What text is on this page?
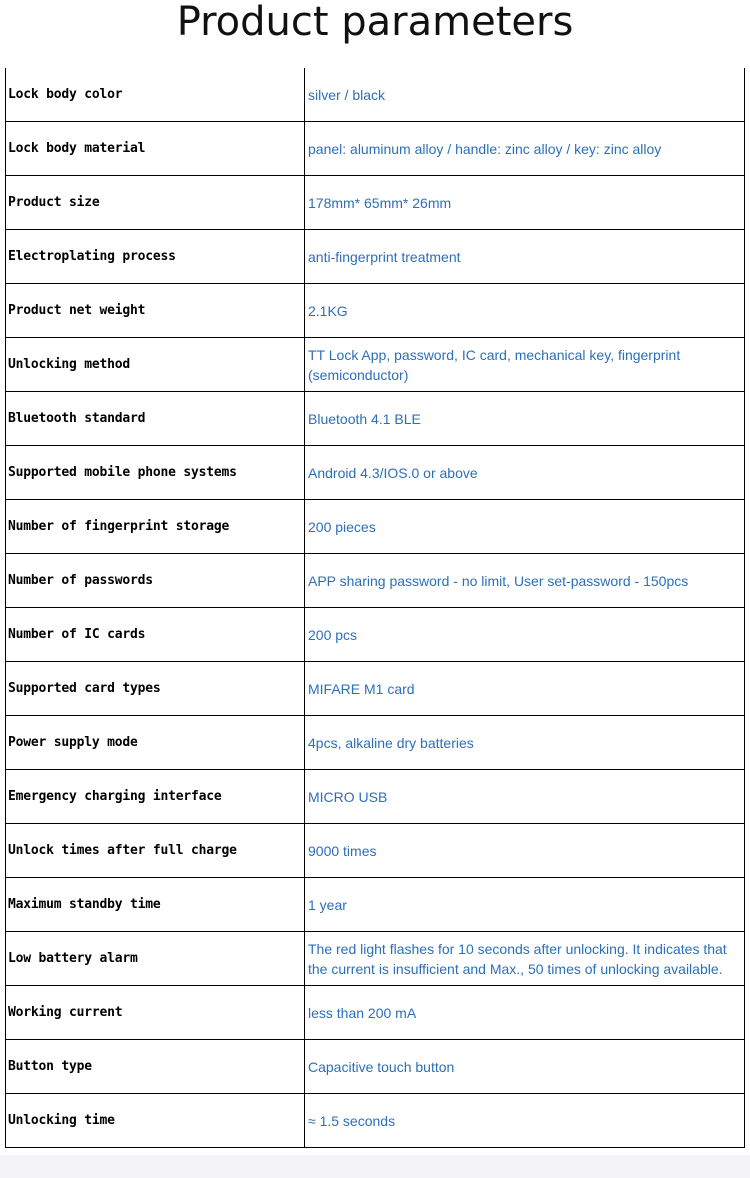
Product parameters
Lock body color	silver / black
Lock body material	panel: aluminum alloy / handle: zinc alloy / key: zinc alloy
Product size	178mm* 65mm* 26mm
Electroplating process	anti-fingerprint treatment
Product net weight	2.1KG
Unlocking method	TT Lock App, password, IC card, mechanical key, fingerprint (semiconductor)
Bluetooth standard	Bluetooth 4.1 BLE
Supported mobile phone systems	Android 4.3/IOS.0 or above
Number of fingerprint storage	200 pieces
Number of passwords	APP sharing password - no limit, User set-password - 150pcs
Number of IC cards	200 pcs
Supported card types	MIFARE M1 card
Power supply mode	4pcs, alkaline dry batteries
Emergency charging interface	MICRO USB
Unlock times after full charge	9000 times
Maximum standby time	1 year
Low battery alarm	The red light flashes for 10 seconds after unlocking. It indicates that the current is insufficient and Max., 50 times of unlocking available.
Working current	less than 200 mA
Button type	Capacitive touch button
Unlocking time	≈ 1.5 seconds
